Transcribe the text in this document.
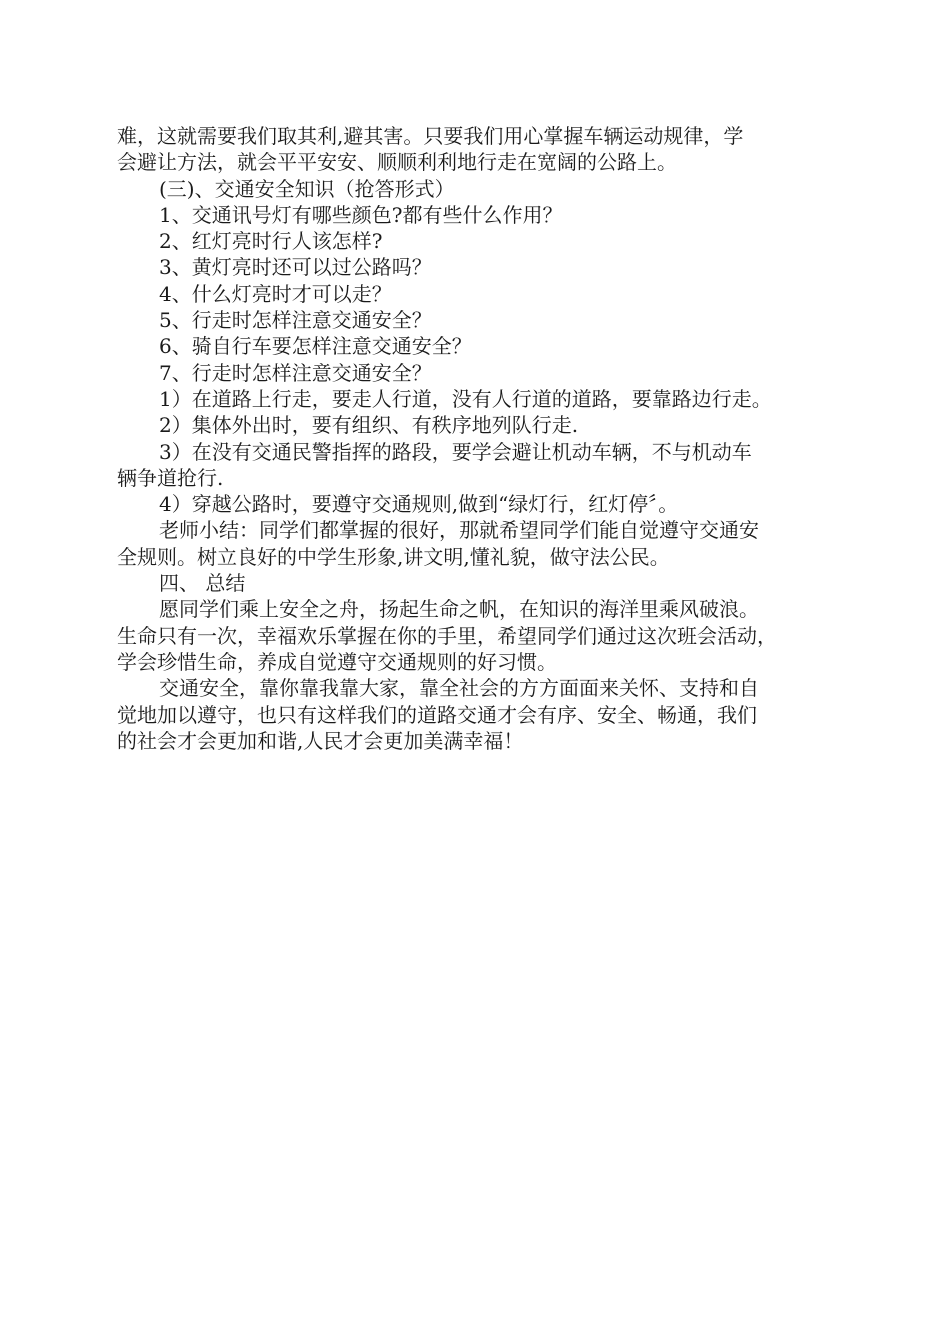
难，这就需要我们取其利,避其害。只要我们用心掌握车辆运动规律，学
会避让方法，就会平平安安、顺顺利利地行走在宽阔的公路上。
(三)、交通安全知识（抢答形式）
1、交通讯号灯有哪些颜色?都有些什么作用？
2、红灯亮时行人该怎样?
3、黄灯亮时还可以过公路吗？
4、什么灯亮时才可以走？
5、行走时怎样注意交通安全？
6、骑自行车要怎样注意交通安全？
7、行走时怎样注意交通安全？
1）在道路上行走，要走人行道，没有人行道的道路，要靠路边行走。
2）集体外出时，要有组织、有秩序地列队行走.
3）在没有交通民警指挥的路段，要学会避让机动车辆，不与机动车
辆争道抢行.
4）穿越公路时，要遵守交通规则,做到“绿灯行，红灯停〞。
老师小结：同学们都掌握的很好，那就希望同学们能自觉遵守交通安
全规则。树立良好的中学生形象,讲文明,懂礼貌，做守法公民。
四、 总结
愿同学们乘上安全之舟，扬起生命之帆，在知识的海洋里乘风破浪。
生命只有一次，幸福欢乐掌握在你的手里，希望同学们通过这次班会活动，
学会珍惜生命，养成自觉遵守交通规则的好习惯。
交通安全，靠你靠我靠大家，靠全社会的方方面面来关怀、支持和自
觉地加以遵守，也只有这样我们的道路交通才会有序、安全、畅通，我们
的社会才会更加和谐,人民才会更加美满幸福！
